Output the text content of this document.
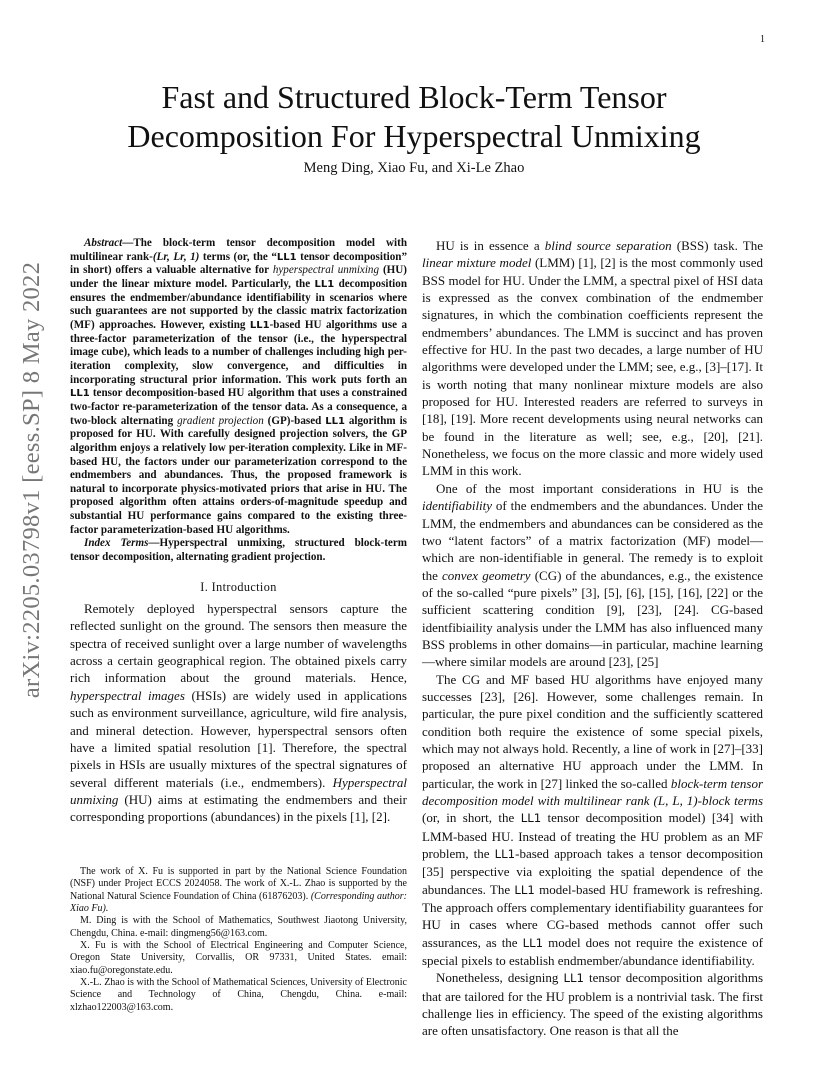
1
arXiv:2205.03798v1 [eess.SP] 8 May 2022
Fast and Structured Block-Term Tensor
Decomposition For Hyperspectral Unmixing
Meng Ding, Xiao Fu, and Xi-Le Zhao

Abstract—The block-term tensor decomposition model with multilinear rank-(Lr, Lr, 1) terms (or, the “LL1 tensor decomposition” in short) offers a valuable alternative for hyperspectral unmixing (HU) under the linear mixture model. Particularly, the LL1 decomposition ensures the endmember/abundance identifiability in scenarios where such guarantees are not supported by the classic matrix factorization (MF) approaches. However, existing LL1-based HU algorithms use a three-factor parameterization of the tensor (i.e., the hyperspectral image cube), which leads to a number of challenges including high per-iteration complexity, slow convergence, and difficulties in incorporating structural prior information. This work puts forth an LL1 tensor decomposition-based HU algorithm that uses a constrained two-factor re-parameterization of the tensor data. As a consequence, a two-block alternating gradient projection (GP)-based LL1 algorithm is proposed for HU. With carefully designed projection solvers, the GP algorithm enjoys a relatively low per-iteration complexity. Like in MF-based HU, the factors under our parameterization correspond to the endmembers and abundances. Thus, the proposed framework is natural to incorporate physics-motivated priors that arise in HU. The proposed algorithm often attains orders-of-magnitude speedup and substantial HU performance gains compared to the existing three-factor parameterization-based HU algorithms.

Index Terms—Hyperspectral unmixing, structured block-term tensor decomposition, alternating gradient projection.

I. Introduction

Remotely deployed hyperspectral sensors capture the reflected sunlight on the ground. The sensors then measure the spectra of received sunlight over a large number of wavelengths across a certain geographical region. The obtained pixels carry rich information about the ground materials. Hence, hyperspectral images (HSIs) are widely used in applications such as environment surveillance, agriculture, wild fire analysis, and mineral detection. However, hyperspectral sensors often have a limited spatial resolution [1]. Therefore, the spectral pixels in HSIs are usually mixtures of the spectral signatures of several different materials (i.e., endmembers). Hyperspectral unmixing (HU) aims at estimating the endmembers and their corresponding proportions (abundances) in the pixels [1], [2].

The work of X. Fu is supported in part by the National Science Foundation (NSF) under Project ECCS 2024058. The work of X.-L. Zhao is supported by the National Natural Science Foundation of China (61876203). (Corresponding author: Xiao Fu).

M. Ding is with the School of Mathematics, Southwest Jiaotong University, Chengdu, China. e-mail: dingmeng56@163.com.

X. Fu is with the School of Electrical Engineering and Computer Science, Oregon State University, Corvallis, OR 97331, United States. email: xiao.fu@oregonstate.edu.

X.-L. Zhao is with the School of Mathematical Sciences, University of Electronic Science and Technology of China, Chengdu, China. e-mail: xlzhao122003@163.com.

HU is in essence a blind source separation (BSS) task. The linear mixture model (LMM) [1], [2] is the most commonly used BSS model for HU. Under the LMM, a spectral pixel of HSI data is expressed as the convex combination of the endmember signatures, in which the combination coefficients represent the endmembers’ abundances. The LMM is succinct and has proven effective for HU. In the past two decades, a large number of HU algorithms were developed under the LMM; see, e.g., [3]–[17]. It is worth noting that many nonlinear mixture models are also proposed for HU. Interested readers are referred to surveys in [18], [19]. More recent developments using neural networks can be found in the literature as well; see, e.g., [20], [21]. Nonetheless, we focus on the more classic and more widely used LMM in this work.

One of the most important considerations in HU is the identifiability of the endmembers and the abundances. Under the LMM, the endmembers and abundances can be considered as the two “latent factors” of a matrix factorization (MF) model—which are non-identifiable in general. The remedy is to exploit the convex geometry (CG) of the abundances, e.g., the existence of the so-called “pure pixels” [3], [5], [6], [15], [16], [22] or the sufficient scattering condition [9], [23], [24]. CG-based identfibiaility analysis under the LMM has also influenced many BSS problems in other domains—in particular, machine learning—where similar models are around [23], [25]

The CG and MF based HU algorithms have enjoyed many successes [23], [26]. However, some challenges remain. In particular, the pure pixel condition and the sufficiently scattered condition both require the existence of some special pixels, which may not always hold. Recently, a line of work in [27]–[33] proposed an alternative HU approach under the LMM. In particular, the work in [27] linked the so-called block-term tensor decomposition model with multilinear rank (L, L, 1)-block terms (or, in short, the LL1 tensor decomposition model) [34] with LMM-based HU. Instead of treating the HU problem as an MF problem, the LL1-based approach takes a tensor decomposition [35] perspective via exploiting the spatial dependence of the abundances. The LL1 model-based HU framework is refreshing. The approach offers complementary identifiability guarantees for HU in cases where CG-based methods cannot offer such assurances, as the LL1 model does not require the existence of special pixels to establish endmember/abundance identifiability.

Nonetheless, designing LL1 tensor decomposition algorithms that are tailored for the HU problem is a nontrivial task. The first challenge lies in efficiency. The speed of the existing algorithms are often unsatisfactory. One reason is that all the
